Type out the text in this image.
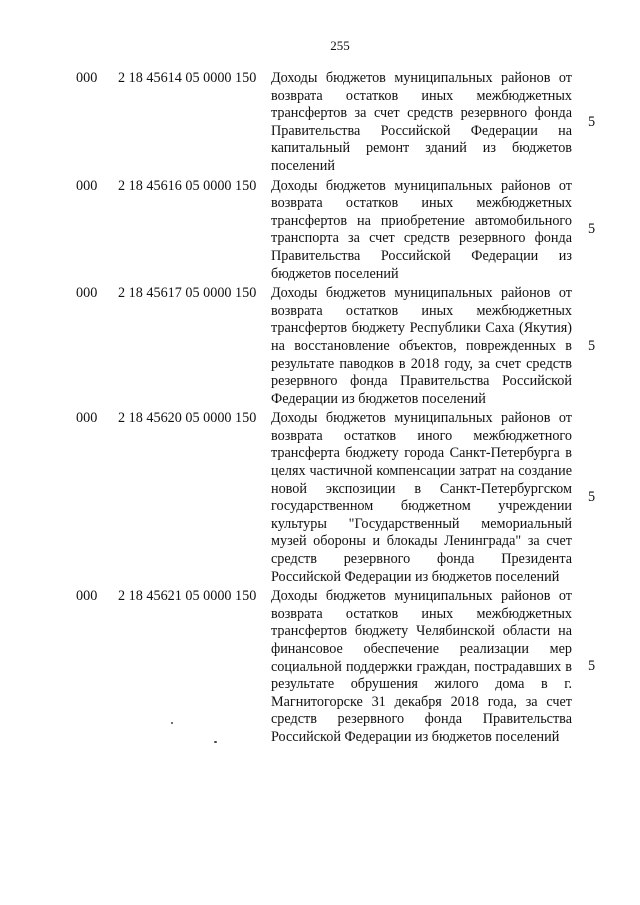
255
000 2 18 45614 05 0000 150 Доходы бюджетов муниципальных районов от возврата остатков иных межбюджетных трансфертов за счет средств резервного фонда Правительства Российской Федерации на капитальный ремонт зданий из бюджетов поселений
5
000 2 18 45616 05 0000 150 Доходы бюджетов муниципальных районов от возврата остатков иных межбюджетных трансфертов на приобретение автомобильного транспорта за счет средств резервного фонда Правительства Российской Федерации из бюджетов поселений
5
000 2 18 45617 05 0000 150 Доходы бюджетов муниципальных районов от возврата остатков иных межбюджетных трансфертов бюджету Республики Саха (Якутия) на восстановление объектов, поврежденных в результате паводков в 2018 году, за счет средств резервного фонда Правительства Российской Федерации из бюджетов поселений
5
000 2 18 45620 05 0000 150 Доходы бюджетов муниципальных районов от возврата остатков иного межбюджетного трансферта бюджету города Санкт-Петербурга в целях частичной компенсации затрат на создание новой экспозиции в Санкт-Петербургском государственном бюджетном учреждении культуры "Государственный мемориальный музей обороны и блокады Ленинграда" за счет средств резервного фонда Президента Российской Федерации из бюджетов поселений
5
000 2 18 45621 05 0000 150 Доходы бюджетов муниципальных районов от возврата остатков иных межбюджетных трансфертов бюджету Челябинской области на финансовое обеспечение реализации мер социальной поддержки граждан, пострадавших в результате обрушения жилого дома в г. Магнитогорске 31 декабря 2018 года, за счет средств резервного фонда Правительства Российской Федерации из бюджетов поселений
5
